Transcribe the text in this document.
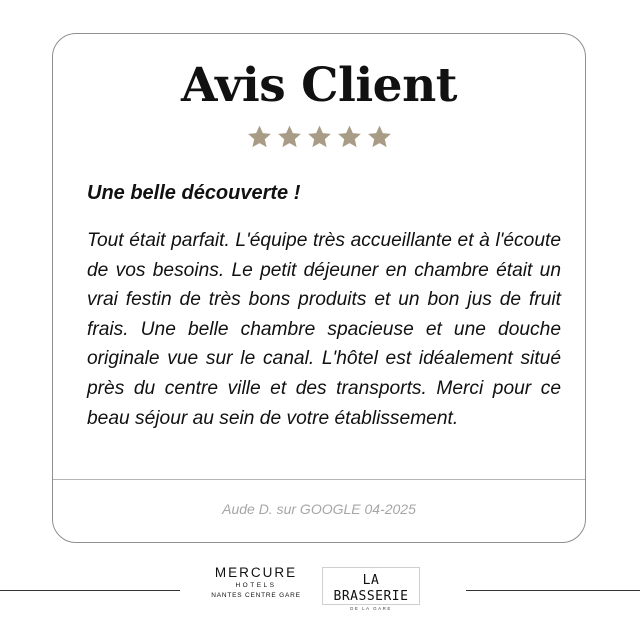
Avis Client
Une belle découverte !

Tout était parfait. L'équipe très accueillante et à l'écoute de vos besoins. Le petit déjeuner en chambre était un vrai festin de très bons produits et un bon jus de fruit frais. Une belle chambre spacieuse et une douche originale vue sur le canal. L'hôtel est idéalement situé près du centre ville et des transports. Merci pour ce beau séjour au sein de votre établissement.

Aude D. sur GOOGLE 04-2025
MERCURE
HOTELS
NANTES CENTRE GARE
LA BRASSERIE
DE LA GARE
